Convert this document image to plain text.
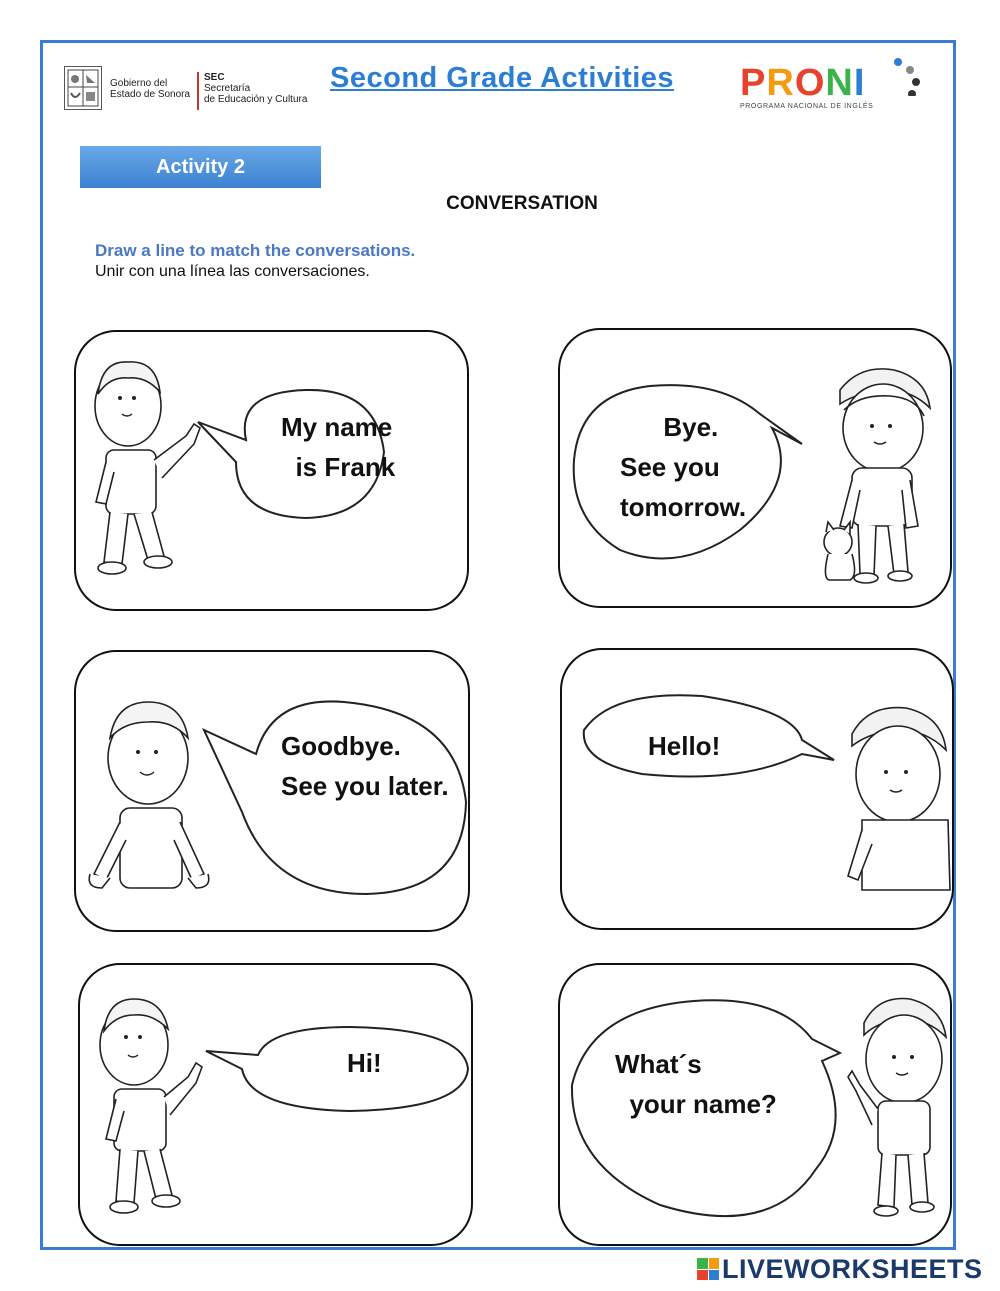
Gobierno del
Estado de Sonora
SEC
Secretaría
de Educación y Cultura
Second Grade Activities PRONI
PROGRAMA NACIONAL DE INGLÉS
Activity 2
CONVERSATION
Draw a line to match the conversations.
Unir con una línea las conversaciones.
My name
is Frank
Bye.
See you
tomorrow.
Goodbye.
See you later.
Hello!
Hi!	What´s
your name?
LIVEWORKSHEETS
